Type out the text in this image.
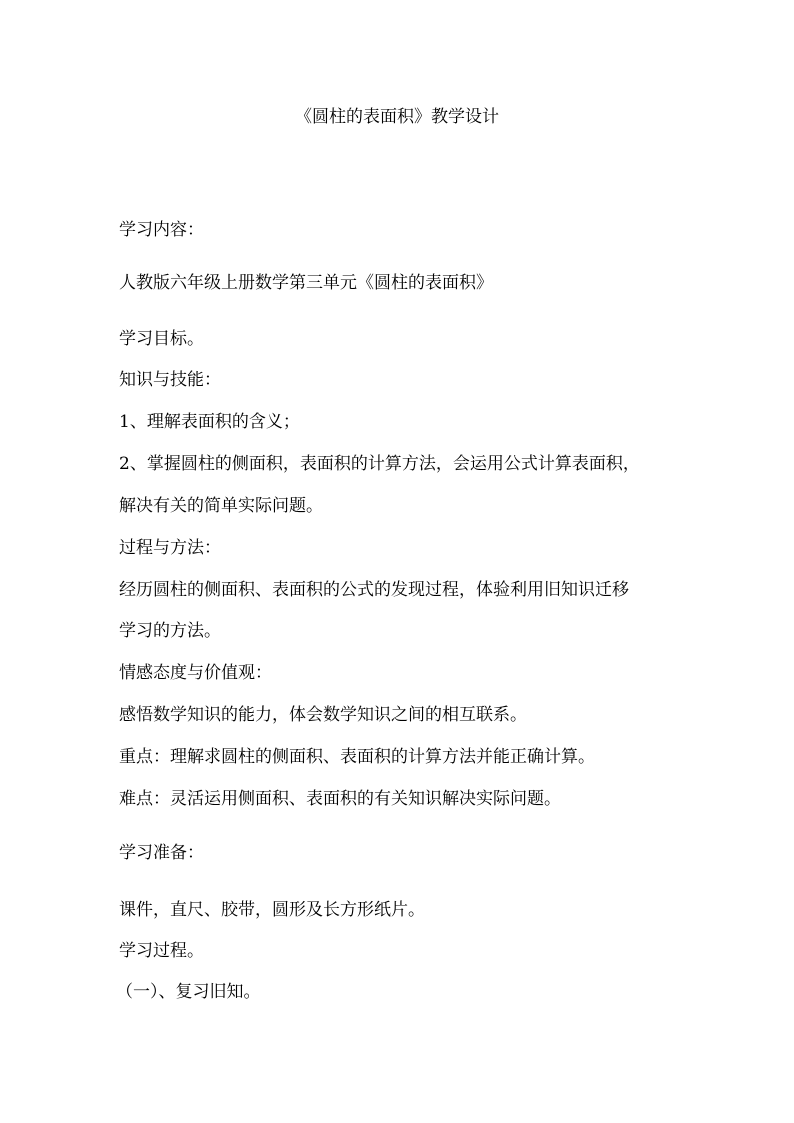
《圆柱的表面积》教学设计
学习内容：
人教版六年级上册数学第三单元《圆柱的表面积》
学习目标。
知识与技能：
1、理解表面积的含义；
2、掌握圆柱的侧面积，表面积的计算方法，会运用公式计算表面积，
解决有关的简单实际问题。
过程与方法：
经历圆柱的侧面积、表面积的公式的发现过程，体验利用旧知识迁移
学习的方法。
情感态度与价值观：
感悟数学知识的能力，体会数学知识之间的相互联系。
重点：理解求圆柱的侧面积、表面积的计算方法并能正确计算。
难点：灵活运用侧面积、表面积的有关知识解决实际问题。
学习准备：
课件，直尺、胶带，圆形及长方形纸片。
学习过程。
（一）、复习旧知。
